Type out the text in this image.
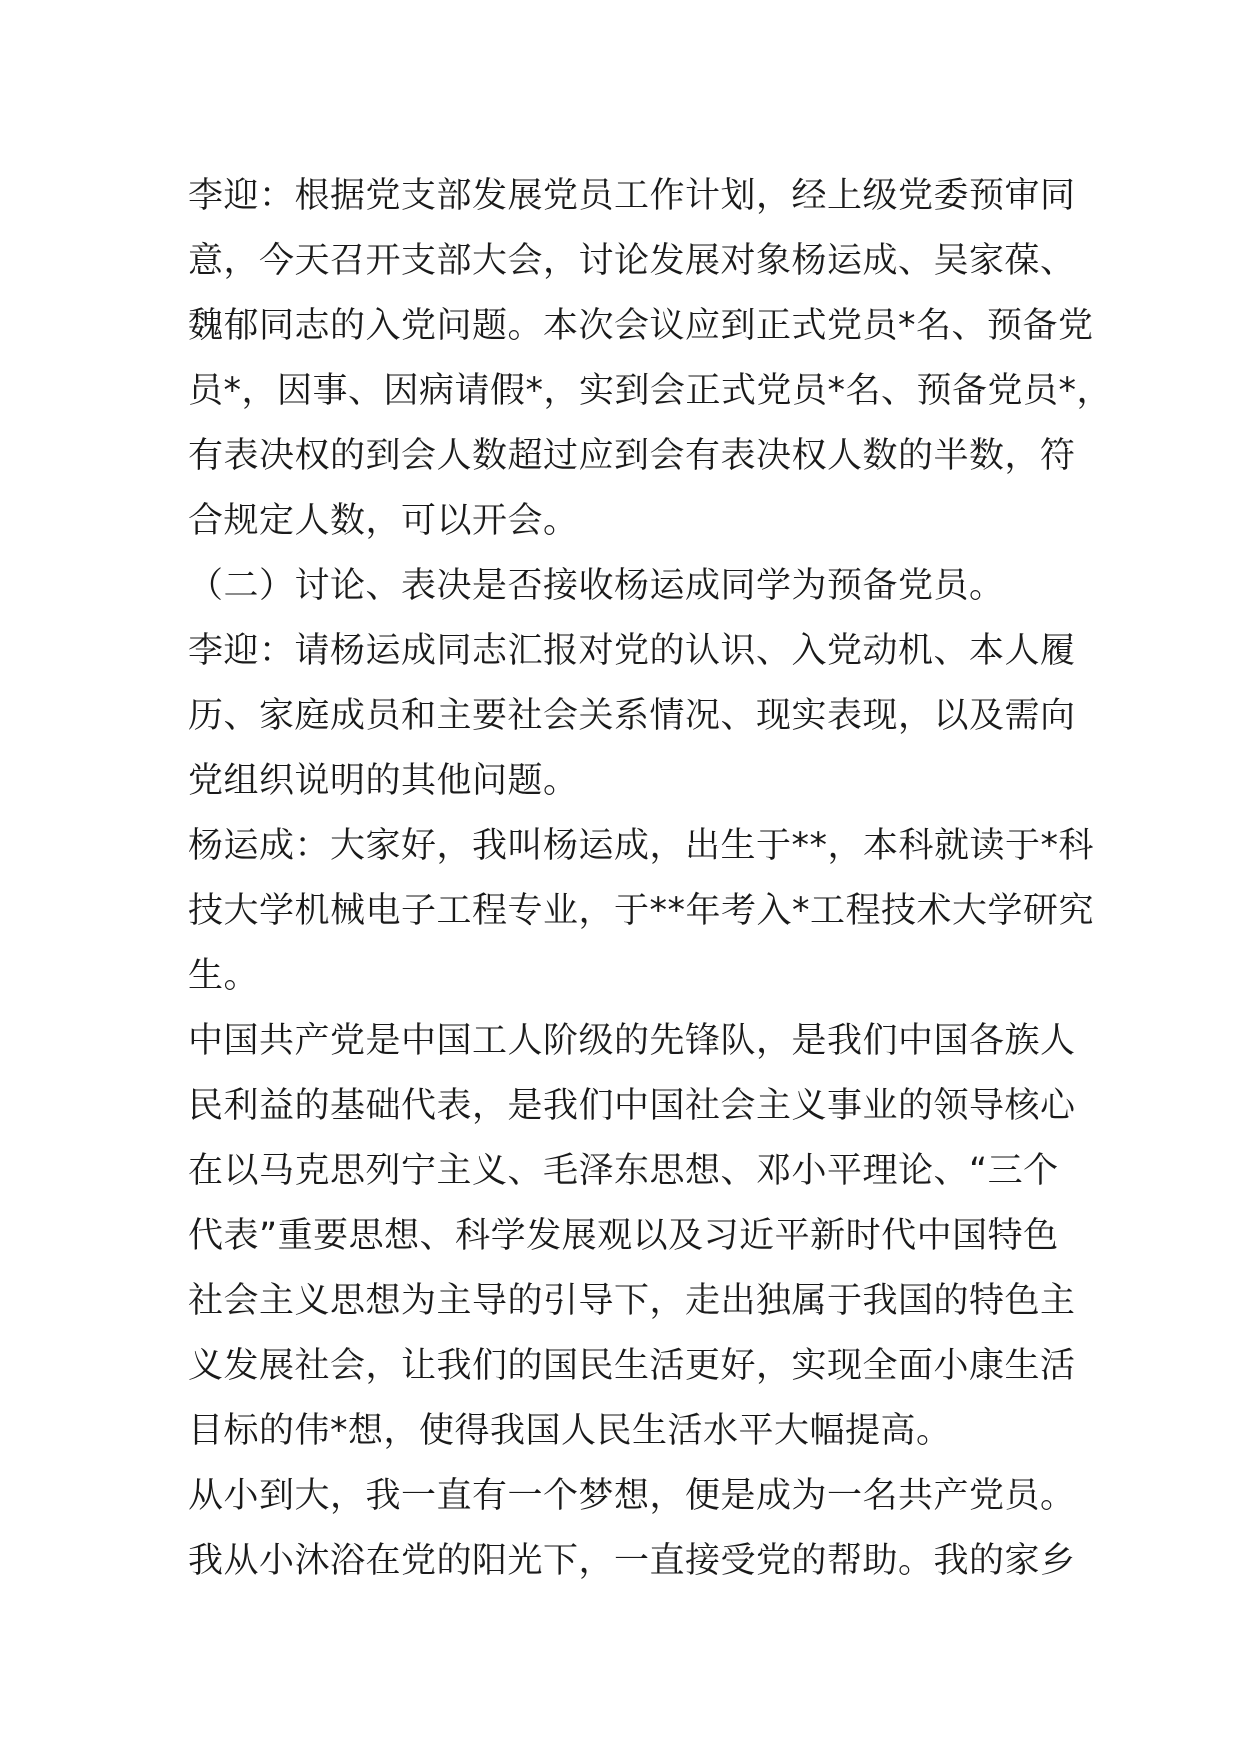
李迎：根据党支部发展党员工作计划，经上级党委预审同
意，今天召开支部大会，讨论发展对象杨运成、吴家葆、
魏郁同志的入党问题。本次会议应到正式党员*名、预备党
员*，因事、因病请假*，实到会正式党员*名、预备党员*，
有表决权的到会人数超过应到会有表决权人数的半数，符
合规定人数，可以开会。
（二）讨论、表决是否接收杨运成同学为预备党员。
李迎：请杨运成同志汇报对党的认识、入党动机、本人履
历、家庭成员和主要社会关系情况、现实表现，以及需向
党组织说明的其他问题。
杨运成：大家好，我叫杨运成，出生于**，本科就读于*科
技大学机械电子工程专业，于**年考入*工程技术大学研究
生。
中国共产党是中国工人阶级的先锋队，是我们中国各族人
民利益的基础代表，是我们中国社会主义事业的领导核心
在以马克思列宁主义、毛泽东思想、邓小平理论、“三个
代表”重要思想、科学发展观以及习近平新时代中国特色
社会主义思想为主导的引导下，走出独属于我国的特色主
义发展社会，让我们的国民生活更好，实现全面小康生活
目标的伟*想，使得我国人民生活水平大幅提高。
从小到大，我一直有一个梦想，便是成为一名共产党员。
我从小沐浴在党的阳光下，一直接受党的帮助。我的家乡
